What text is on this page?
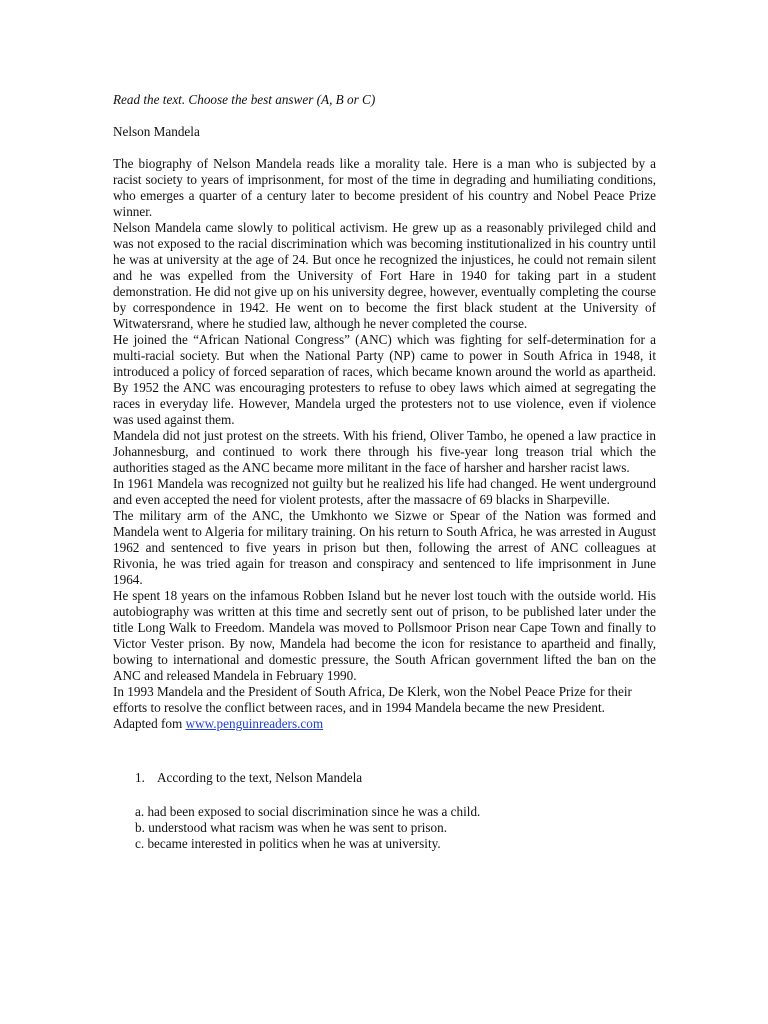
Read the text. Choose the best answer (A, B or C)

Nelson Mandela

The biography of Nelson Mandela reads like a morality tale. Here is a man who is subjected by a racist society to years of imprisonment, for most of the time in degrading and humiliating conditions, who emerges a quarter of a century later to become president of his country and Nobel Peace Prize winner.

Nelson Mandela came slowly to political activism. He grew up as a reasonably privileged child and was not exposed to the racial discrimination which was becoming institutionalized in his country until he was at university at the age of 24. But once he recognized the injustices, he could not remain silent and he was expelled from the University of Fort Hare in 1940 for taking part in a student demonstration. He did not give up on his university degree, however, eventually completing the course by correspondence in 1942. He went on to become the first black student at the University of Witwatersrand, where he studied law, although he never completed the course.

He joined the “African National Congress” (ANC) which was fighting for self-determination for a multi-racial society. But when the National Party (NP) came to power in South Africa in 1948, it introduced a policy of forced separation of races, which became known around the world as apartheid. By 1952 the ANC was encouraging protesters to refuse to obey laws which aimed at segregating the races in everyday life. However, Mandela urged the protesters not to use violence, even if violence was used against them.

Mandela did not just protest on the streets. With his friend, Oliver Tambo, he opened a law practice in Johannesburg, and continued to work there through his five-year long treason trial which the authorities staged as the ANC became more militant in the face of harsher and harsher racist laws.

In 1961 Mandela was recognized not guilty but he realized his life had changed. He went underground and even accepted the need for violent protests, after the massacre of 69 blacks in Sharpeville.

The military arm of the ANC, the Umkhonto we Sizwe or Spear of the Nation was formed and Mandela went to Algeria for military training. On his return to South Africa, he was arrested in August 1962 and sentenced to five years in prison but then, following the arrest of ANC colleagues at Rivonia, he was tried again for treason and conspiracy and sentenced to life imprisonment in June 1964.

He spent 18 years on the infamous Robben Island but he never lost touch with the outside world. His autobiography was written at this time and secretly sent out of prison, to be published later under the title Long Walk to Freedom. Mandela was moved to Pollsmoor Prison near Cape Town and finally to Victor Vester prison. By now, Mandela had become the icon for resistance to apartheid and finally, bowing to international and domestic pressure, the South African government lifted the ban on the ANC and released Mandela in February 1990.

In 1993 Mandela and the President of South Africa, De Klerk, won the Nobel Peace Prize for their efforts to resolve the conflict between races, and in 1994 Mandela became the new President.

Adapted fom www.penguinreaders.com

1. According to the text, Nelson Mandela

a. had been exposed to social discrimination since he was a child.

b. understood what racism was when he was sent to prison.

c. became interested in politics when he was at university.
